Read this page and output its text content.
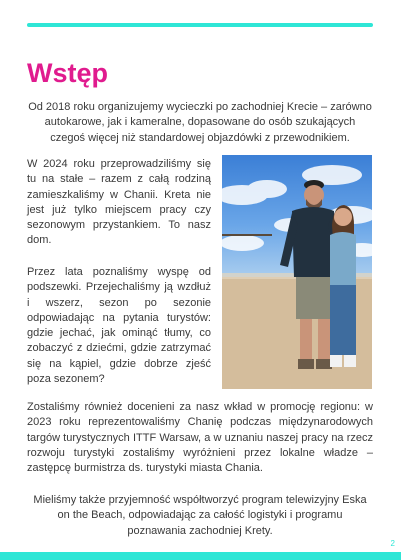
Wstęp

Od 2018 roku organizujemy wycieczki po zachodniej Krecie – zarówno autokarowe, jak i kameralne, dopasowane do osób szukających czegoś więcej niż standardowej objazdówki z przewodnikiem.

W 2024 roku przeprowadziliśmy się tu na stałe – razem z całą rodziną zamieszkaliśmy w Chanii. Kreta nie jest już tylko miejscem pracy czy sezonowym przystankiem. To nasz dom.

Przez lata poznaliśmy wyspę od podszewki. Przejechaliśmy ją wzdłuż i wszerz, sezon po sezonie odpowiadając na pytania turystów: gdzie jechać, jak ominąć tłumy, co zobaczyć z dziećmi, gdzie zatrzymać się na kąpiel, gdzie dobrze zjeść poza sezonem?

Zostaliśmy również docenieni za nasz wkład w promocję regionu: w 2023 roku reprezentowaliśmy Chanię podczas międzynarodowych targów turystycznych ITTF Warsaw, a w uznaniu naszej pracy na rzecz rozwoju turystyki zostaliśmy wyróżnieni przez lokalne władze – zastępcę burmistrza ds. turystyki miasta Chania.

Mieliśmy także przyjemność współtworzyć program telewizyjny Eska on the Beach, odpowiadając za całość logistyki i programu poznawania zachodniej Krety.

2
